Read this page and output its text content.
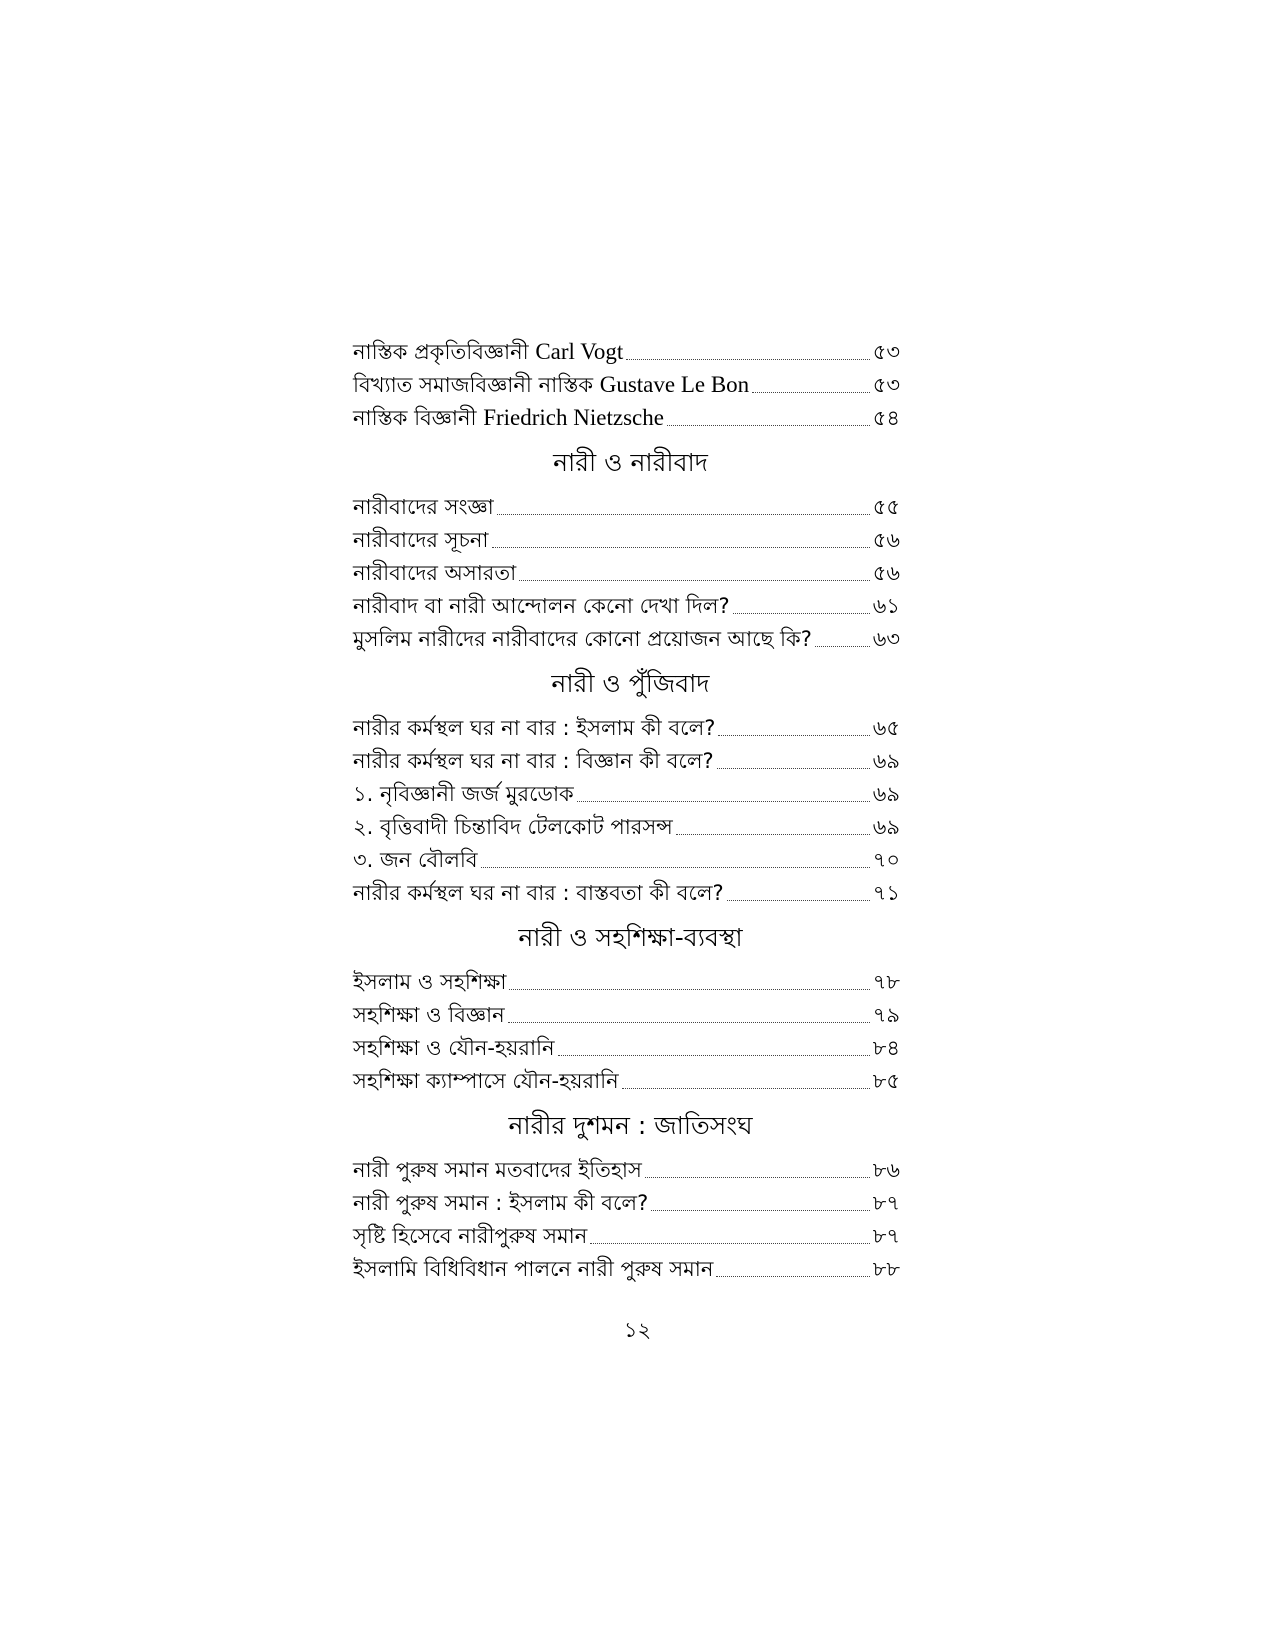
নাস্তিক প্রকৃতিবিজ্ঞানী Carl Vogt	৫৩
বিখ্যাত সমাজবিজ্ঞানী নাস্তিক Gustave Le Bon	৫৩
নাস্তিক বিজ্ঞানী Friedrich Nietzsche	৫৪
নারী ও নারীবাদ
নারীবাদের সংজ্ঞা	৫৫
নারীবাদের সূচনা	৫৬
নারীবাদের অসারতা	৫৬
নারীবাদ বা নারী আন্দোলন কেনো দেখা দিল?	৬১
মুসলিম নারীদের নারীবাদের কোনো প্রয়োজন আছে কি?	৬৩
নারী ও পুঁজিবাদ
নারীর কর্মস্থল ঘর না বার : ইসলাম কী বলে?	৬৫
নারীর কর্মস্থল ঘর না বার : বিজ্ঞান কী বলে?	৬৯
১. নৃবিজ্ঞানী জর্জ মুরডোক	৬৯
২. বৃত্তিবাদী চিন্তাবিদ টেলকোট পারসন্স	৬৯
৩. জন বৌলবি	৭০
নারীর কর্মস্থল ঘর না বার : বাস্তবতা কী বলে?	৭১
নারী ও সহশিক্ষা-ব্যবস্থা
ইসলাম ও সহশিক্ষা	৭৮
সহশিক্ষা ও বিজ্ঞান	৭৯
সহশিক্ষা ও যৌন-হয়রানি	৮৪
সহশিক্ষা ক্যাম্পাসে যৌন-হয়রানি	৮৫
নারীর দুশমন : জাতিসংঘ
নারী পুরুষ সমান মতবাদের ইতিহাস	৮৬
নারী পুরুষ সমান : ইসলাম কী বলে?	৮৭
সৃষ্টি হিসেবে নারীপুরুষ সমান	৮৭
ইসলামি বিধিবিধান পালনে নারী পুরুষ সমান	৮৮
১২
